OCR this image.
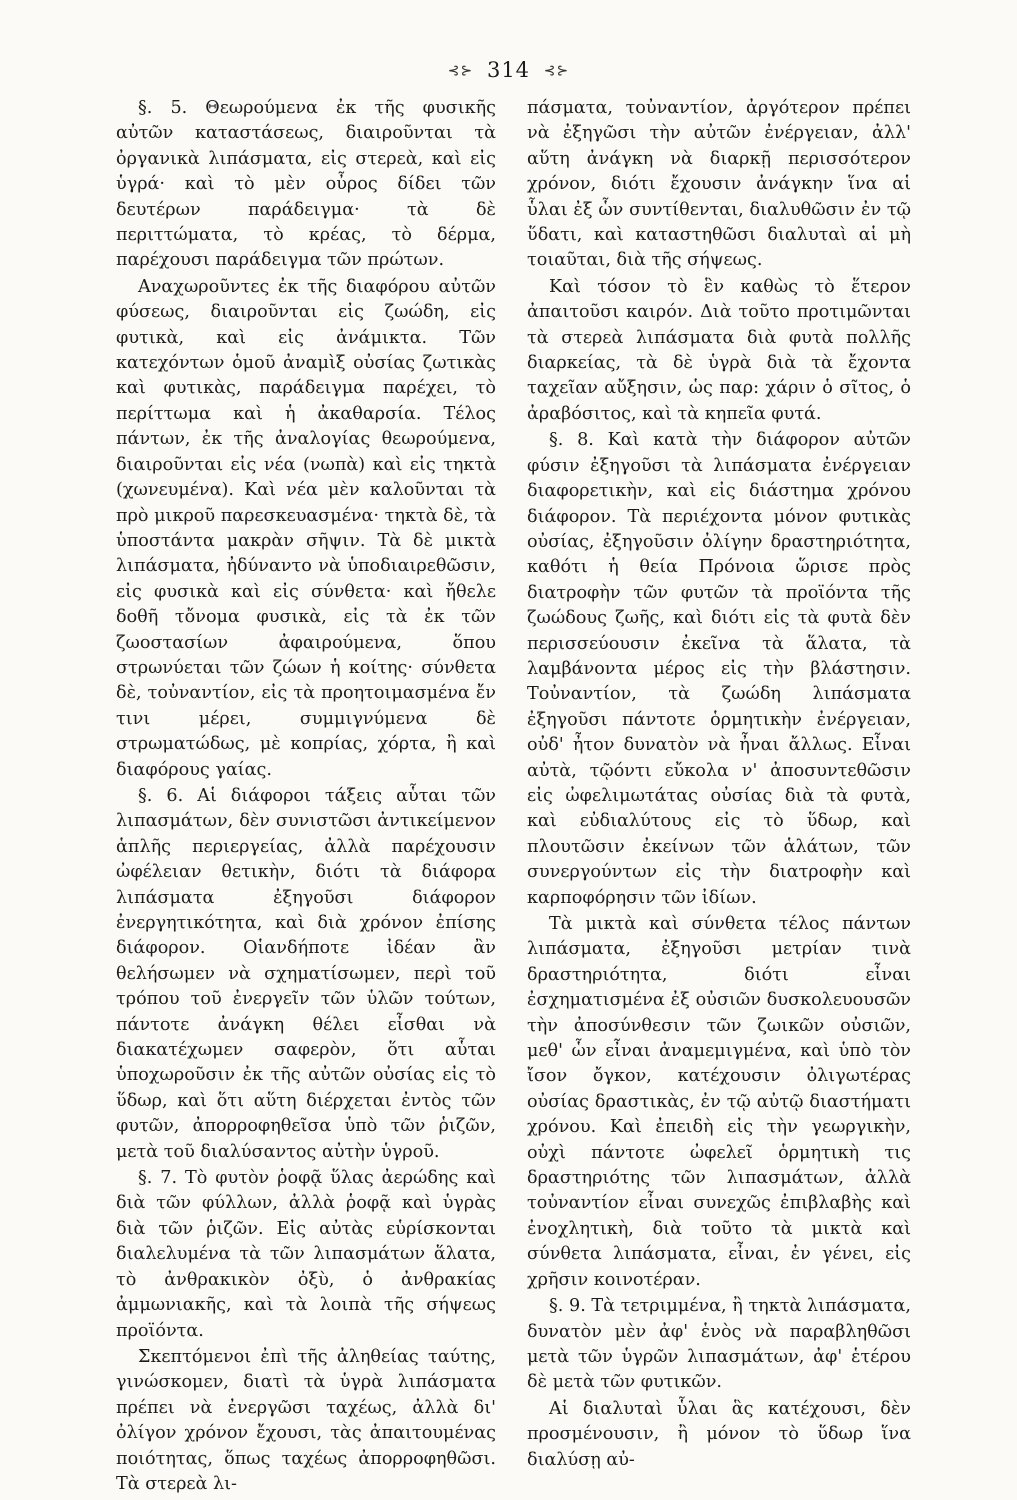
⊰⊱ 314 ⊰⊱

§. 5. Θεωρούμενα ἐκ τῆς φυσικῆς αὐτῶν καταστάσεως, διαιροῦνται τὰ ὀργανικὰ λιπάσματα, εἰς στερεὰ, καὶ εἰς ὑγρά· καὶ τὸ μὲν οὖρος δίδει τῶν δευτέρων παράδειγμα· τὰ δὲ περιττώματα, τὸ κρέας, τὸ δέρμα, παρέχουσι παράδειγμα τῶν πρώτων.

Αναχωροῦντες ἐκ τῆς διαφόρου αὐτῶν φύσεως, διαιροῦνται εἰς ζωώδη, εἰς φυτικὰ, καὶ εἰς ἀνάμικτα. Τῶν κατεχόντων ὁμοῦ ἀναμὶξ οὐσίας ζωτικὰς καὶ φυτικὰς, παράδειγμα παρέχει, τὸ περίττωμα καὶ ἡ ἀκαθαρσία. Τέλος πάντων, ἐκ τῆς ἀναλογίας θεωρούμενα, διαιροῦνται εἰς νέα (νωπὰ) καὶ εἰς τηκτὰ (χωνευμένα). Καὶ νέα μὲν καλοῦνται τὰ πρὸ μικροῦ παρεσκευασμένα· τηκτὰ δὲ, τὰ ὑποστάντα μακρὰν σῆψιν. Τὰ δὲ μικτὰ λιπάσματα, ἠδύναντο νὰ ὑποδιαιρεθῶσιν, εἰς φυσικὰ καὶ εἰς σύνθετα· καὶ ἤθελε δοθῆ τὄνομα φυσικὰ, εἰς τὰ ἐκ τῶν ζωοστασίων ἀφαιρούμενα, ὅπου στρωνύεται τῶν ζώων ἡ κοίτης· σύνθετα δὲ, τοὐναντίον, εἰς τὰ προητοιμασμένα ἔν τινι μέρει, συμμιγνύμενα δὲ στρωματώδως, μὲ κοπρίας, χόρτα, ἢ καὶ διαφόρους γαίας.

§. 6. Αἱ διάφοροι τάξεις αὗται τῶν λιπασμάτων, δὲν συνιστῶσι ἀντικείμενον ἁπλῆς περιεργείας, ἀλλὰ παρέχουσιν ὠφέλειαν θετικὴν, διότι τὰ διάφορα λιπάσματα ἐξηγοῦσι διάφορον ἐνεργητικότητα, καὶ διὰ χρόνον ἐπίσης διάφορον. Οἱανδήποτε ἰδέαν ἂν θελήσωμεν νὰ σχηματίσωμεν, περὶ τοῦ τρόπου τοῦ ἐνεργεῖν τῶν ὑλῶν τούτων, πάντοτε ἀνάγκη θέλει εἶσθαι νὰ διακατέχωμεν σαφερὸν, ὅτι αὗται ὑποχωροῦσιν ἐκ τῆς αὐτῶν οὐσίας εἰς τὸ ὕδωρ, καὶ ὅτι αὕτη διέρχεται ἐντὸς τῶν φυτῶν, ἀπορροφηθεῖσα ὑπὸ τῶν ῥιζῶν, μετὰ τοῦ διαλύσαντος αὐτὴν ὑγροῦ.

§. 7. Τὸ φυτὸν ῥοφᾷ ὕλας ἀερώδης καὶ διὰ τῶν φύλλων, ἀλλὰ ῥοφᾷ καὶ ὑγρὰς διὰ τῶν ῥιζῶν. Εἰς αὐτὰς εὑρίσκονται διαλελυμένα τὰ τῶν λιπασμάτων ἅλατα, τὸ ἀνθρακικὸν ὀξὺ, ὁ ἀνθρακίας ἀμμωνιακῆς, καὶ τὰ λοιπὰ τῆς σήψεως προϊόντα.

Σκεπτόμενοι ἐπὶ τῆς ἀληθείας ταύτης, γινώσκομεν, διατὶ τὰ ὑγρὰ λιπάσματα πρέπει νὰ ἐνεργῶσι ταχέως, ἀλλὰ δι' ὀλίγον χρόνον ἔχουσι, τὰς ἀπαιτουμένας ποιότητας, ὅπως ταχέως ἀπορροφηθῶσι. Τὰ στερεὰ λι-

πάσματα, τοὐναντίον, ἀργότερον πρέπει νὰ ἐξηγῶσι τὴν αὐτῶν ἐνέργειαν, ἀλλ' αὕτη ἀνάγκη νὰ διαρκῇ περισσότερον χρόνον, διότι ἔχουσιν ἀνάγκην ἵνα αἱ ὗλαι ἐξ ὧν συντίθενται, διαλυθῶσιν ἐν τῷ ὕδατι, καὶ καταστηθῶσι διαλυταὶ αἱ μὴ τοιαῦται, διὰ τῆς σήψεως.

Καὶ τόσον τὸ ἓν καθὼς τὸ ἕτερον ἀπαιτοῦσι καιρόν. Διὰ τοῦτο προτιμῶνται τὰ στερεὰ λιπάσματα διὰ φυτὰ πολλῆς διαρκείας, τὰ δὲ ὑγρὰ διὰ τὰ ἔχοντα ταχεῖαν αὔξησιν, ὡς παρ: χάριν ὁ σῖτος, ὁ ἀραβόσιτος, καὶ τὰ κηπεῖα φυτά.

§. 8. Καὶ κατὰ τὴν διάφορον αὐτῶν φύσιν ἐξηγοῦσι τὰ λιπάσματα ἐνέργειαν διαφορετικὴν, καὶ εἰς διάστημα χρόνου διάφορον. Τὰ περιέχοντα μόνον φυτικὰς οὐσίας, ἐξηγοῦσιν ὀλίγην δραστηριότητα, καθότι ἡ θεία Πρόνοια ὥρισε πρὸς διατροφὴν τῶν φυτῶν τὰ προϊόντα τῆς ζωώδους ζωῆς, καὶ διότι εἰς τὰ φυτὰ δὲν περισσεύουσιν ἐκεῖνα τὰ ἅλατα, τὰ λαμβάνοντα μέρος εἰς τὴν βλάστησιν. Τοὐναντίον, τὰ ζωώδη λιπάσματα ἐξηγοῦσι πάντοτε ὁρμητικὴν ἐνέργειαν, οὐδ' ἦτον δυνατὸν νὰ ἦναι ἄλλως. Εἶναι αὐτὰ, τῷόντι εὔκολα ν' ἀποσυντεθῶσιν εἰς ὠφελιμωτάτας οὐσίας διὰ τὰ φυτὰ, καὶ εὐδιαλύτους εἰς τὸ ὕδωρ, καὶ πλουτῶσιν ἐκείνων τῶν ἁλάτων, τῶν συνεργούντων εἰς τὴν διατροφὴν καὶ καρποφόρησιν τῶν ἰδίων.

Τὰ μικτὰ καὶ σύνθετα τέλος πάντων λιπάσματα, ἐξηγοῦσι μετρίαν τινὰ δραστηριότητα, διότι εἶναι ἐσχηματισμένα ἐξ οὐσιῶν δυσκολευουσῶν τὴν ἀποσύνθεσιν τῶν ζωικῶν οὐσιῶν, μεθ' ὧν εἶναι ἀναμεμιγμένα, καὶ ὑπὸ τὸν ἴσον ὄγκον, κατέχουσιν ὀλιγωτέρας οὐσίας δραστικὰς, ἐν τῷ αὐτῷ διαστήματι χρόνου. Καὶ ἐπειδὴ εἰς τὴν γεωργικὴν, οὐχὶ πάντοτε ὠφελεῖ ὁρμητικὴ τις δραστηριότης τῶν λιπασμάτων, ἀλλὰ τοὐναντίον εἶναι συνεχῶς ἐπιβλαβὴς καὶ ἐνοχλητικὴ, διὰ τοῦτο τὰ μικτὰ καὶ σύνθετα λιπάσματα, εἶναι, ἐν γένει, εἰς χρῆσιν κοινοτέραν.

§. 9. Τὰ τετριμμένα, ἢ τηκτὰ λιπάσματα, δυνατὸν μὲν ἀφ' ἑνὸς νὰ παραβληθῶσι μετὰ τῶν ὑγρῶν λιπασμάτων, ἀφ' ἑτέρου δὲ μετὰ τῶν φυτικῶν.

Αἱ διαλυταὶ ὗλαι ἃς κατέχουσι, δὲν προσμένουσιν, ἢ μόνον τὸ ὕδωρ ἵνα διαλύσῃ αὐ-
